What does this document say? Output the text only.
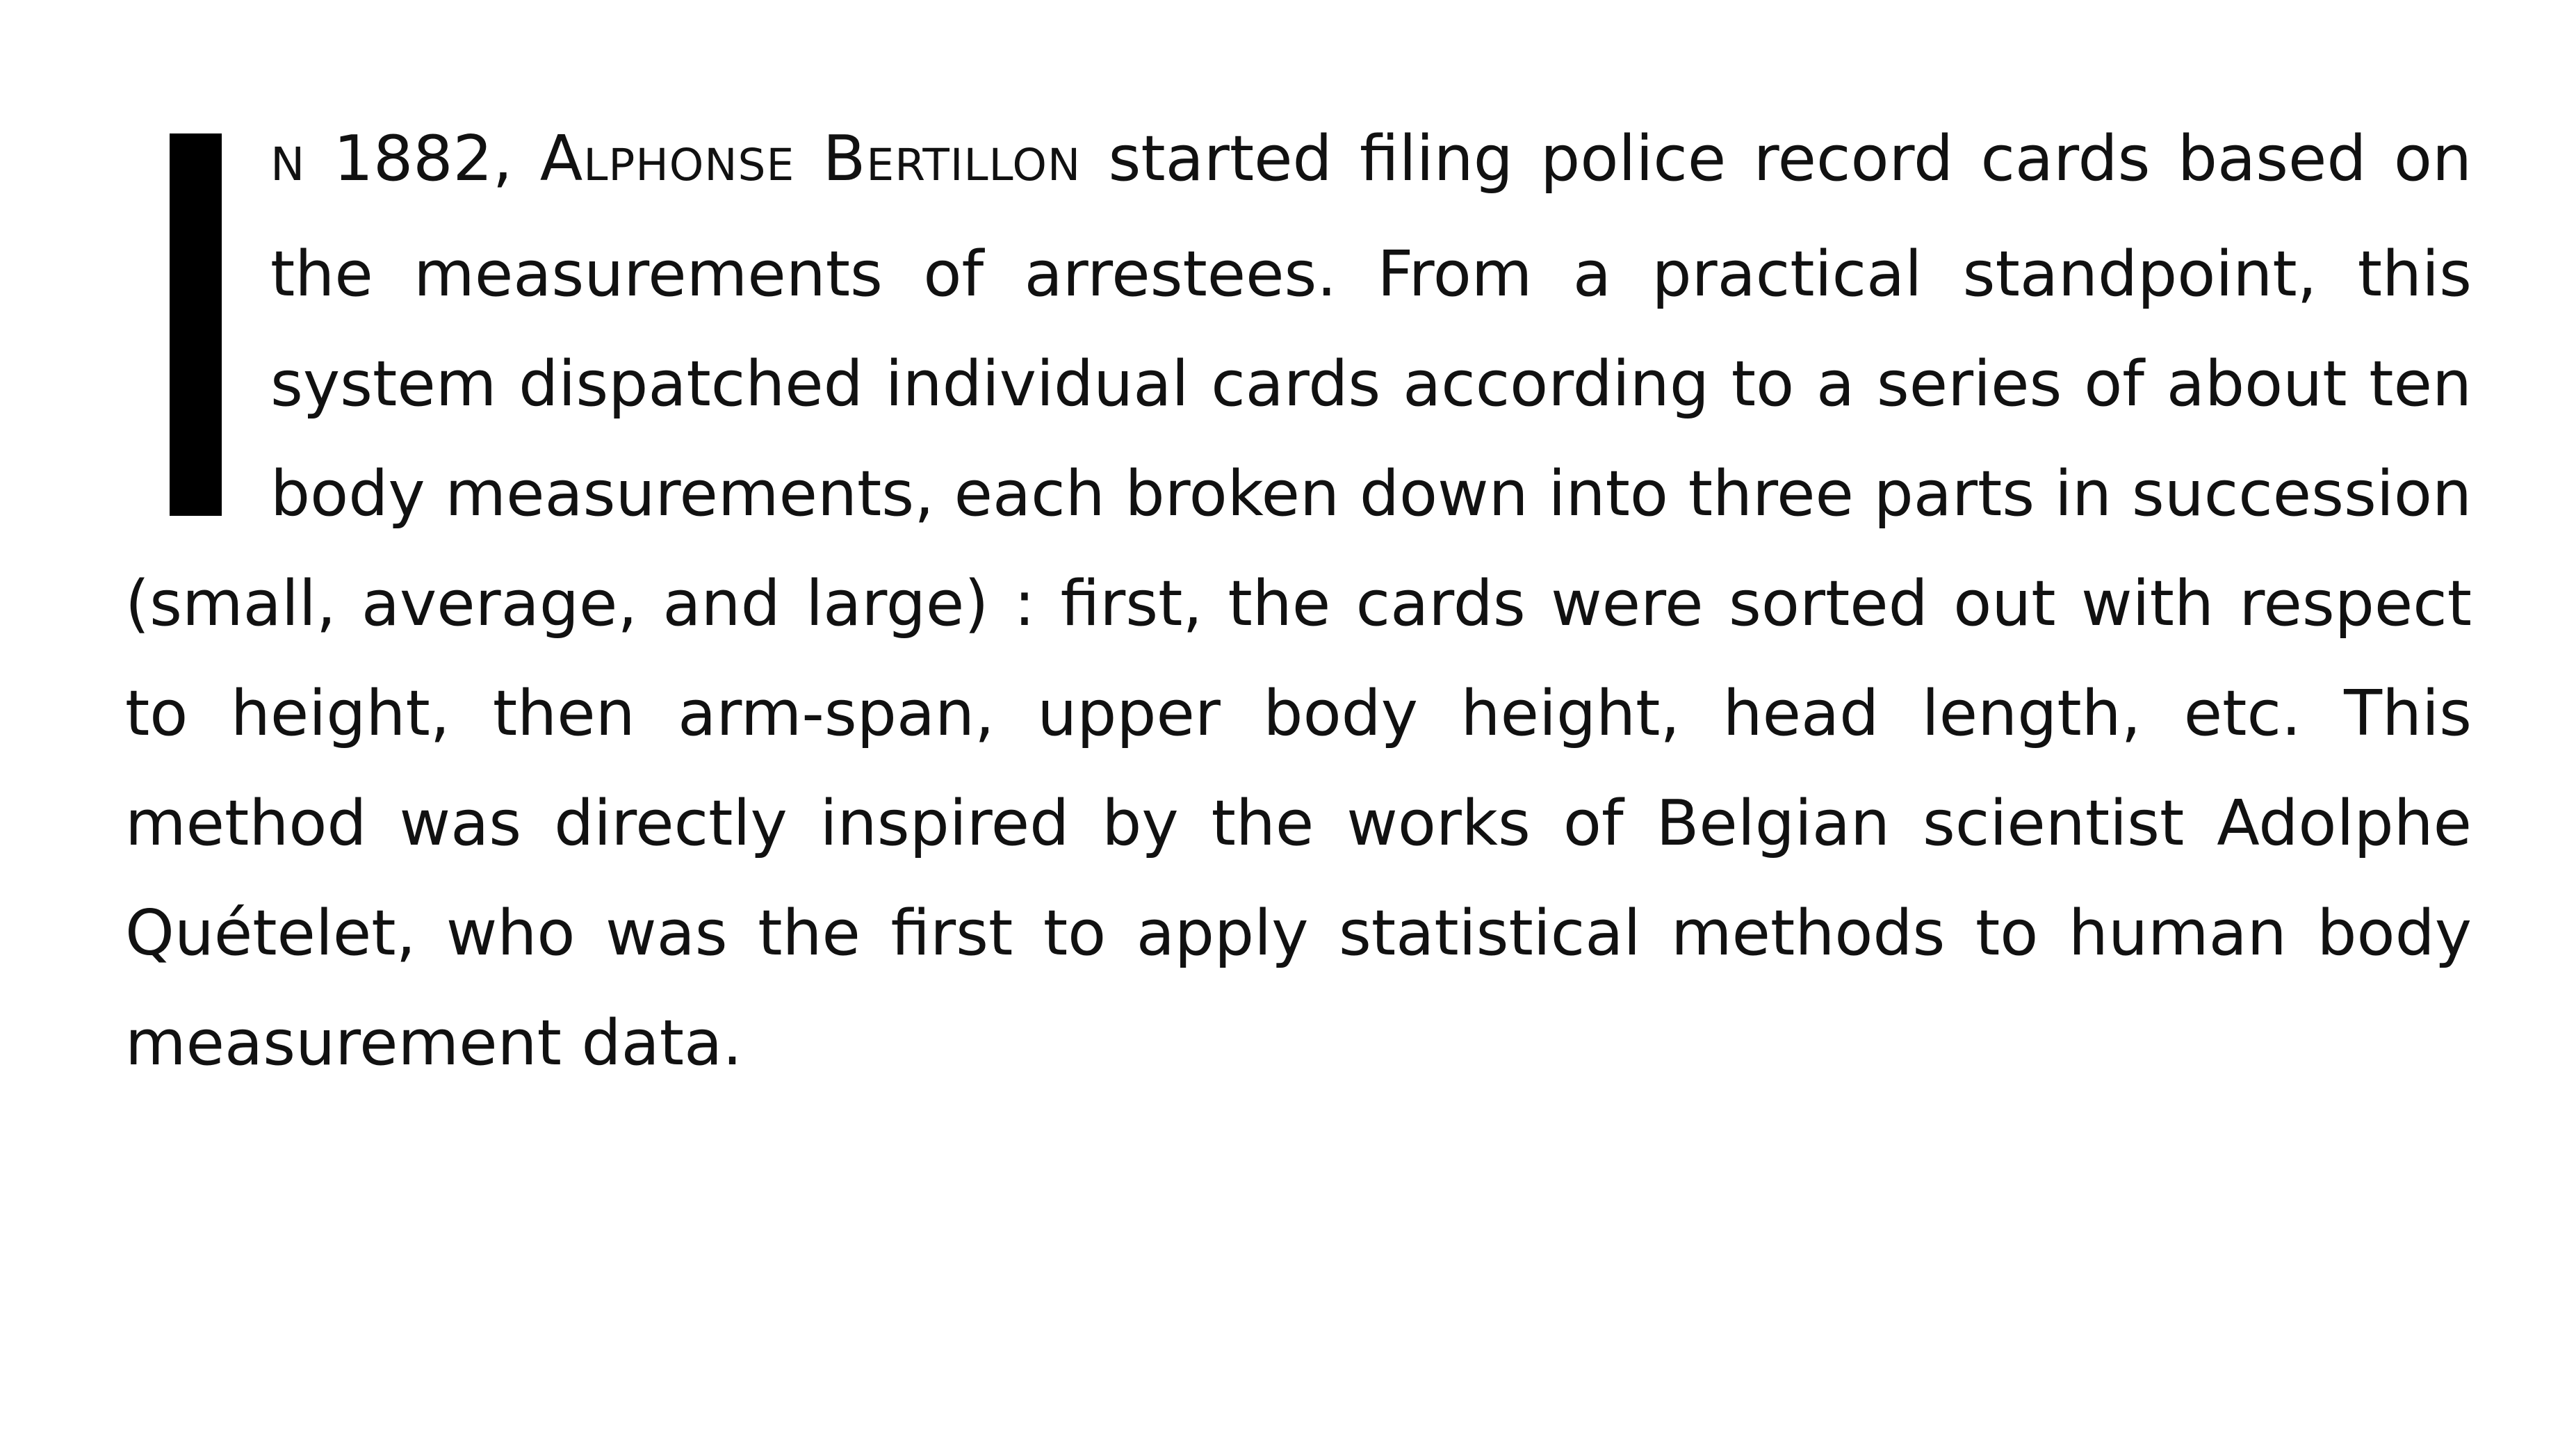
N 1882, Alphonse Bertillon started filing police record cards based on the measurements of arrestees. From a practical standpoint, this system dispatched individual cards according to a series of about ten body measurements, each broken down into three parts in succession (small, average, and large) : first, the cards were sorted out with respect to height, then arm-span, upper body height, head length, etc. This method was directly inspired by the works of Belgian scientist Adolphe Quételet, who was the first to apply statistical methods to human body measurement data.
